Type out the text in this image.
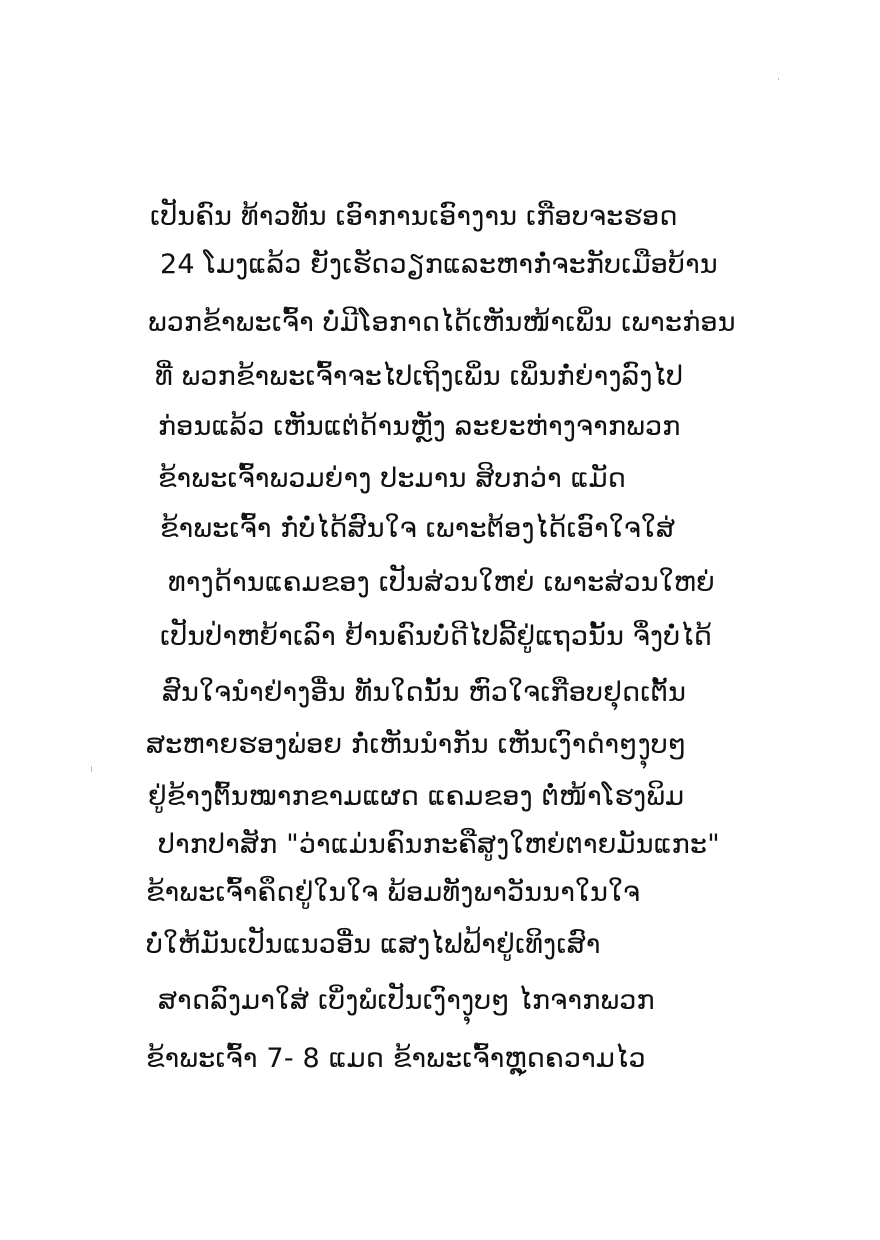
ເປັນຄົນ ທ້າວທັນ ເອົາການເອົາງານ ເກືອບຈະຮອດ
24 ໂມງແລ້ວ ຍັງເຮັດວຽກແລະຫາກໍ່ຈະກັບເມືອບ້ານ
ພວກຂ້າພະເຈົ້າ ບໍ່ມີໂອກາດໄດ້ເຫັນໜ້າເພິ່ນ ເພາະກ່ອນ
ທີ່ ພວກຂ້າພະເຈົ້າຈະໄປເຖິງເພິ່ນ ເພິ່ນກໍ່ຍ່າງລົງໄປ
ກ່ອນແລ້ວ ເຫັນແຕ່ດ້ານຫຼັງ ລະຍະຫ່າງຈາກພວກ
ຂ້າພະເຈົ້າພວມຍ່າງ ປະມານ ສິບກວ່າ ແມັດ
ຂ້າພະເຈົ້າ ກໍ່ບໍ່ໄດ້ສົນໃຈ ເພາະຕ້ອງໄດ້ເອົາໃຈໃສ່
ທາງດ້ານແຄມຂອງ ເປັນສ່ວນໃຫຍ່ ເພາະສ່ວນໃຫຍ່
ເປັນປ່າຫຍ້າເລົາ ຢ້ານຄົນບໍ່ດີໄປລີ້ຢູ່ແຖວນັ້ນ ຈຶ່ງບໍ່ໄດ້
ສົນໃຈນຳຢ່າງອື່ນ ທັນໃດນັ້ນ ຫົວໃຈເກືອບຢຸດເຕັ້ນ
ສະຫາຍຮອງພ່ອຍ ກໍ່ເຫັນນຳກັນ ເຫັນເງົາດຳໆງຸບໆ
ຢູ່ຂ້າງຕົ້ນໝາກຂາມແຜດ ແຄມຂອງ ຕໍ່ໜ້າໂຮງພິມ
ປາກປາສັກ "ວ່າແມ່ນຄົນກະຄືສູງໃຫຍ່ຕາຍມັນແກະ"
ຂ້າພະເຈົ້າຄຶດຢູ່ໃນໃຈ ພ້ອມທັງພາວັນນາໃນໃຈ
ບໍ່ໃຫ້ມັນເປັນແນວອື່ນ ແສງໄຟຟ້າຢູ່ເທິງເສົາ
ສາດລົງມາໃສ່ ເບິ່ງພໍເປັນເງົາງຸບໆ ໄກຈາກພວກ
ຂ້າພະເຈົ້າ 7- 8 ແມດ ຂ້າພະເຈົ້າຫຼຸດຄວາມໄວ
